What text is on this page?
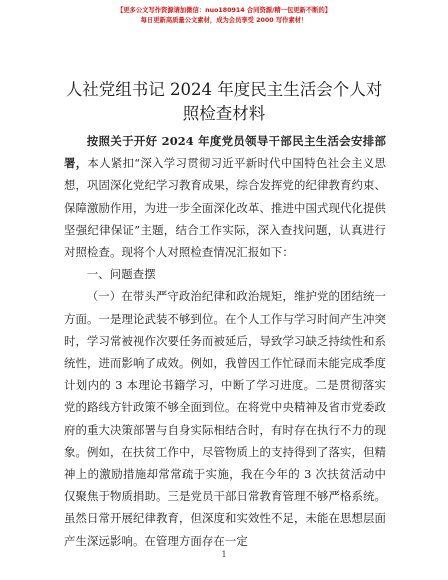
【更多公文写作资源请加微信：nuo180914 合同资源/精一包更新不断的】
每日更新高质量公文素材，成为会员享受 2000 写作素材！
人社党组书记 2024 年度民主生活会个人对照检查材料

按照关于开好 2024 年度党员领导干部民主生活会安排部署，本人紧扣“深入学习贯彻习近平新时代中国特色社会主义思想，巩固深化党纪学习教育成果，综合发挥党的纪律教育约束、保障激励作用，为进一步全面深化改革、推进中国式现代化提供坚强纪律保证”主题，结合工作实际，深入查找问题，认真进行对照检查。现将个人对照检查情况汇报如下：

一、问题查摆

（一）在带头严守政治纪律和政治规矩，维护党的团结统一方面。一是理论武装不够到位。在个人工作与学习时间产生冲突时，学习常被视作次要任务而被延后，导致学习缺乏持续性和系统性，进而影响了成效。例如，我曾因工作忙碌而未能完成季度计划内的 3 本理论书籍学习，中断了学习进度。二是贯彻落实党的路线方针政策不够全面到位。在将党中央精神及省市党委政府的重大决策部署与自身实际相结合时，有时存在执行不力的现象。例如，在扶贫工作中，尽管物质上的支持得到了落实，但精神上的激励措施却常常疏于实施，我在今年的 3 次扶贫活动中仅聚焦于物质捐助。三是党员干部日常教育管理不够严格系统。虽然日常开展纪律教育，但深度和实效性不足，未能在思想层面产生深远影响。在管理方面存在一定

1
